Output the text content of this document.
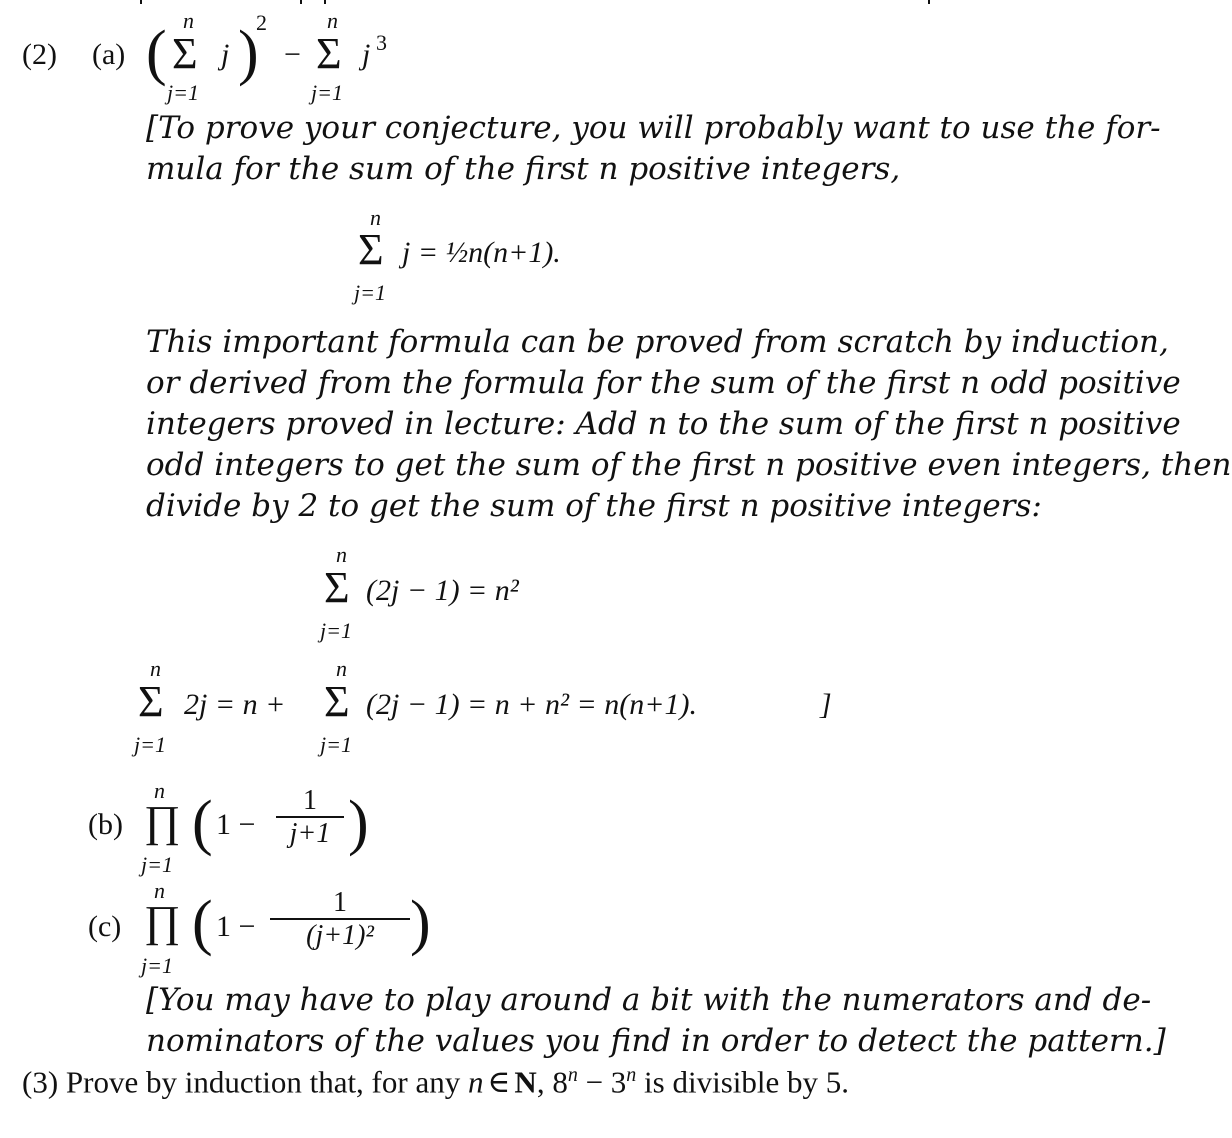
(2) (a) ( n
Σ j )
2
j=1
−
n
Σ j 3
j=1
[To prove your conjecture, you will probably want to use the for-
mula for the sum of the first n positive integers,
n
Σ j = ½n(n+1).
j=1
This important formula can be proved from scratch by induction,
or derived from the formula for the sum of the first n odd positive
integers proved in lecture: Add n to the sum of the first n positive
odd integers to get the sum of the first n positive even integers, then
divide by 2 to get the sum of the first n positive integers:
n
Σ (2j − 1) = n²
j=1
n
Σ 2j = n +
j=1
n
Σ (2j − 1) = n + n² = n(n+1).	]
j=1
(b)
n
∏
j=1
( 1 −
1
j+1 )
(c)
n
∏
j=1
( 1 −
1
(j+1)² )
[You may have to play around a bit with the numerators and de-
nominators of the values you find in order to detect the pattern.]
(3) Prove by induction that, for any n ∈ N, $8^n - 3^n$ is divisible by 5.
